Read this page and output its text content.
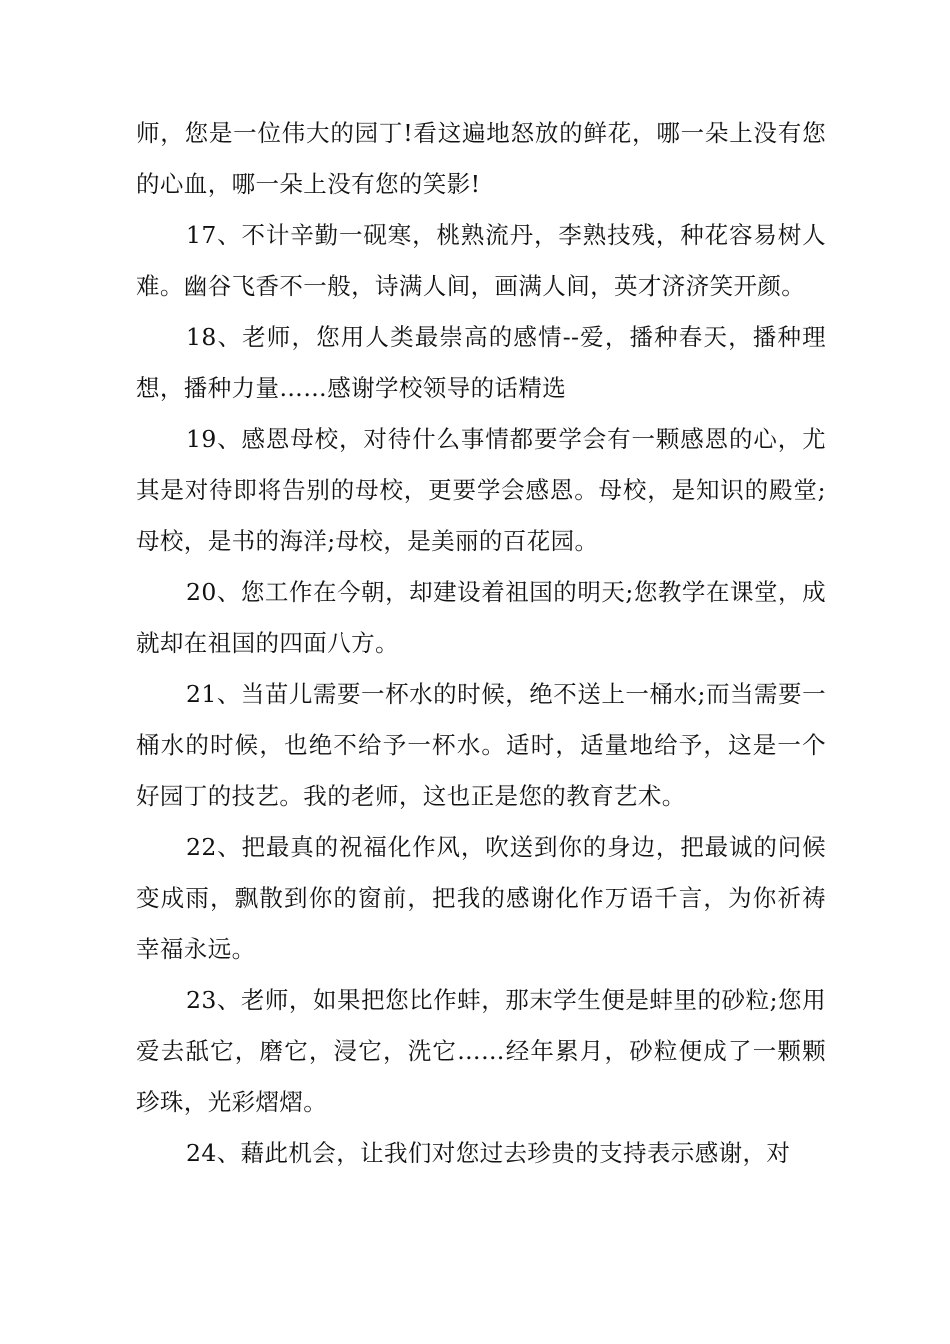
师，您是一位伟大的园丁!看这遍地怒放的鲜花，哪一朵上没有您的心血，哪一朵上没有您的笑影!

17、不计辛勤一砚寒，桃熟流丹，李熟技残，种花容易树人难。幽谷飞香不一般，诗满人间，画满人间，英才济济笑开颜。

18、老师，您用人类最崇高的感情--爱，播种春天，播种理想，播种力量……感谢学校领导的话精选

19、感恩母校，对待什么事情都要学会有一颗感恩的心，尤其是对待即将告别的母校，更要学会感恩。母校，是知识的殿堂;母校，是书的海洋;母校，是美丽的百花园。

20、您工作在今朝，却建设着祖国的明天;您教学在课堂，成就却在祖国的四面八方。

21、当苗儿需要一杯水的时候，绝不送上一桶水;而当需要一桶水的时候，也绝不给予一杯水。适时，适量地给予，这是一个好园丁的技艺。我的老师，这也正是您的教育艺术。

22、把最真的祝福化作风，吹送到你的身边，把最诚的问候变成雨，飘散到你的窗前，把我的感谢化作万语千言，为你祈祷幸福永远。

23、老师，如果把您比作蚌，那末学生便是蚌里的砂粒;您用爱去舐它，磨它，浸它，洗它……经年累月，砂粒便成了一颗颗珍珠，光彩熠熠。

24、藉此机会，让我们对您过去珍贵的支持表示感谢，对
